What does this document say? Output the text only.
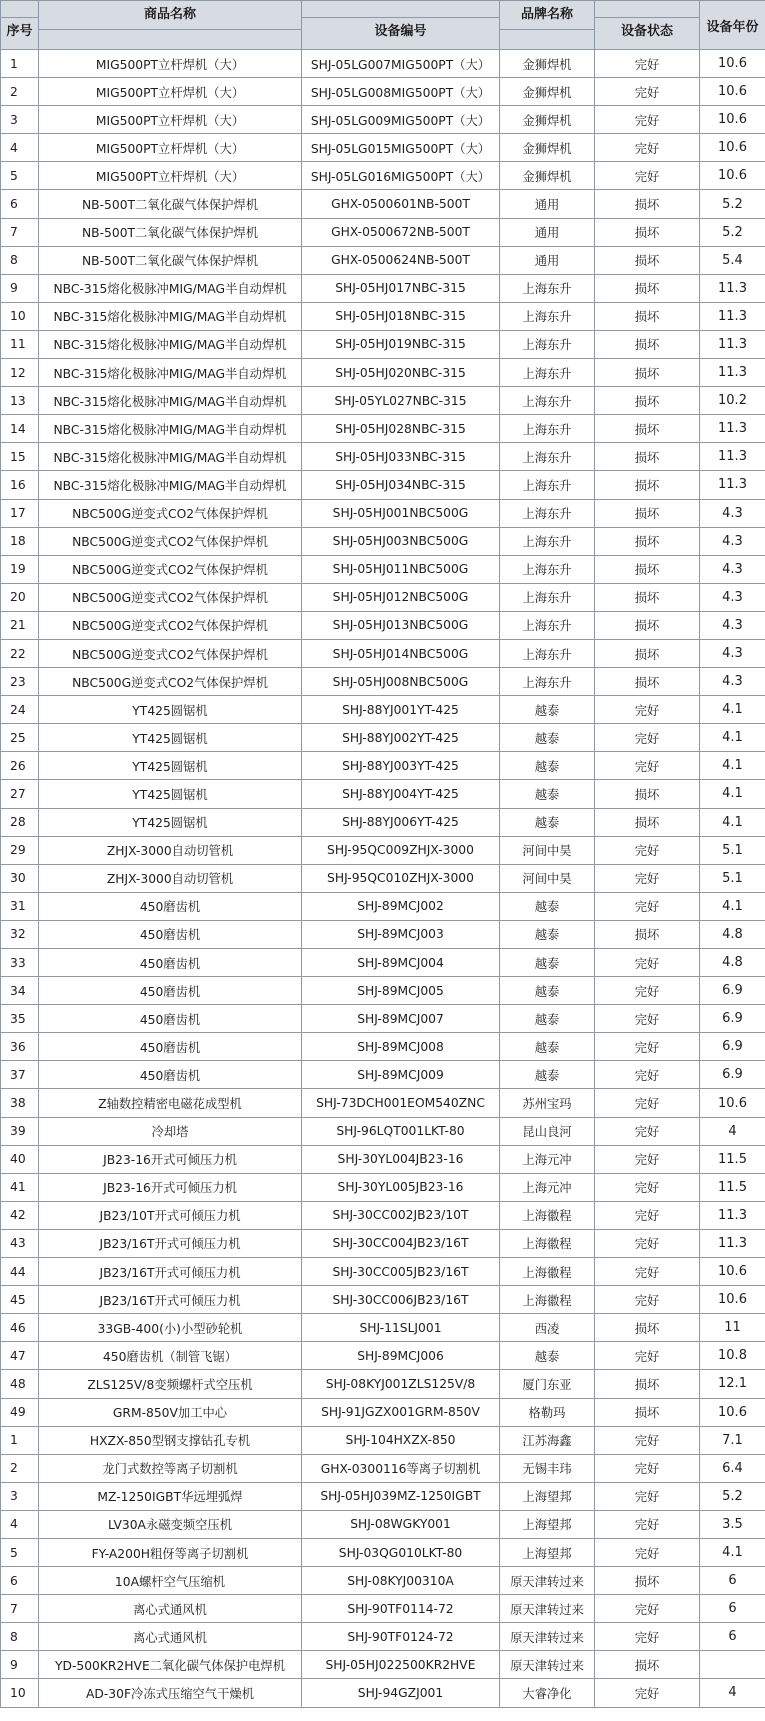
序号	商品名称	设备编号	品牌名称	设备状态	设备年份
1	MIG500PT立杆焊机（大）	SHJ-05LG007MIG500PT（大）	金狮焊机	完好	10.6
2	MIG500PT立杆焊机（大）	SHJ-05LG008MIG500PT（大）	金狮焊机	完好	10.6
3	MIG500PT立杆焊机（大）	SHJ-05LG009MIG500PT（大）	金狮焊机	完好	10.6
4	MIG500PT立杆焊机（大）	SHJ-05LG015MIG500PT（大）	金狮焊机	完好	10.6
5	MIG500PT立杆焊机（大）	SHJ-05LG016MIG500PT（大）	金狮焊机	完好	10.6
6	NB-500T二氧化碳气体保护焊机	GHX-0500601NB-500T	通用	损坏	5.2
7	NB-500T二氧化碳气体保护焊机	GHX-0500672NB-500T	通用	损坏	5.2
8	NB-500T二氧化碳气体保护焊机	GHX-0500624NB-500T	通用	损坏	5.4
9	NBC-315熔化极脉冲MIG/MAG半自动焊机	SHJ-05HJ017NBC-315	上海东升	损坏	11.3
10	NBC-315熔化极脉冲MIG/MAG半自动焊机	SHJ-05HJ018NBC-315	上海东升	损坏	11.3
11	NBC-315熔化极脉冲MIG/MAG半自动焊机	SHJ-05HJ019NBC-315	上海东升	损坏	11.3
12	NBC-315熔化极脉冲MIG/MAG半自动焊机	SHJ-05HJ020NBC-315	上海东升	损坏	11.3
13	NBC-315熔化极脉冲MIG/MAG半自动焊机	SHJ-05YL027NBC-315	上海东升	损坏	10.2
14	NBC-315熔化极脉冲MIG/MAG半自动焊机	SHJ-05HJ028NBC-315	上海东升	损坏	11.3
15	NBC-315熔化极脉冲MIG/MAG半自动焊机	SHJ-05HJ033NBC-315	上海东升	损坏	11.3
16	NBC-315熔化极脉冲MIG/MAG半自动焊机	SHJ-05HJ034NBC-315	上海东升	损坏	11.3
17	NBC500G逆变式CO2气体保护焊机	SHJ-05HJ001NBC500G	上海东升	损坏	4.3
18	NBC500G逆变式CO2气体保护焊机	SHJ-05HJ003NBC500G	上海东升	损坏	4.3
19	NBC500G逆变式CO2气体保护焊机	SHJ-05HJ011NBC500G	上海东升	损坏	4.3
20	NBC500G逆变式CO2气体保护焊机	SHJ-05HJ012NBC500G	上海东升	损坏	4.3
21	NBC500G逆变式CO2气体保护焊机	SHJ-05HJ013NBC500G	上海东升	损坏	4.3
22	NBC500G逆变式CO2气体保护焊机	SHJ-05HJ014NBC500G	上海东升	损坏	4.3
23	NBC500G逆变式CO2气体保护焊机	SHJ-05HJ008NBC500G	上海东升	损坏	4.3
24	YT425圆锯机	SHJ-88YJ001YT-425	越泰	完好	4.1
25	YT425圆锯机	SHJ-88YJ002YT-425	越泰	完好	4.1
26	YT425圆锯机	SHJ-88YJ003YT-425	越泰	完好	4.1
27	YT425圆锯机	SHJ-88YJ004YT-425	越泰	损坏	4.1
28	YT425圆锯机	SHJ-88YJ006YT-425	越泰	损坏	4.1
29	ZHJX-3000自动切管机	SHJ-95QC009ZHJX-3000	河间中昊	完好	5.1
30	ZHJX-3000自动切管机	SHJ-95QC010ZHJX-3000	河间中昊	完好	5.1
31	450磨齿机	SHJ-89MCJ002	越泰	完好	4.1
32	450磨齿机	SHJ-89MCJ003	越泰	损坏	4.8
33	450磨齿机	SHJ-89MCJ004	越泰	完好	4.8
34	450磨齿机	SHJ-89MCJ005	越泰	完好	6.9
35	450磨齿机	SHJ-89MCJ007	越泰	完好	6.9
36	450磨齿机	SHJ-89MCJ008	越泰	完好	6.9
37	450磨齿机	SHJ-89MCJ009	越泰	完好	6.9
38	Z轴数控精密电磁花成型机	SHJ-73DCH001EOM540ZNC	苏州宝玛	完好	10.6
39	冷却塔	SHJ-96LQT001LKT-80	昆山良河	完好	4
40	JB23-16开式可倾压力机	SHJ-30YL004JB23-16	上海元冲	完好	11.5
41	JB23-16开式可倾压力机	SHJ-30YL005JB23-16	上海元冲	完好	11.5
42	JB23/10T开式可倾压力机	SHJ-30CC002JB23/10T	上海徽程	完好	11.3
43	JB23/16T开式可倾压力机	SHJ-30CC004JB23/16T	上海徽程	完好	11.3
44	JB23/16T开式可倾压力机	SHJ-30CC005JB23/16T	上海徽程	完好	10.6
45	JB23/16T开式可倾压力机	SHJ-30CC006JB23/16T	上海徽程	完好	10.6
46	33GB-400(小)小型砂轮机	SHJ-11SLJ001	西凌	损坏	11
47	450磨齿机（制管飞锯）	SHJ-89MCJ006	越泰	完好	10.8
48	ZLS125V/8变频螺杆式空压机	SHJ-08KYJ001ZLS125V/8	厦门东亚	损坏	12.1
49	GRM-850V加工中心	SHJ-91JGZX001GRM-850V	格勒玛	损坏	10.6
1	HXZX-850型钢支撑钻孔专机	SHJ-104HXZX-850	江苏海鑫	完好	7.1
2	龙门式数控等离子切割机	GHX-0300116等离子切割机	无锡丰玮	完好	6.4
3	MZ-1250IGBT华远埋弧焊	SHJ-05HJ039MZ-1250IGBT	上海望邦	完好	5.2
4	LV30A永磁变频空压机	SHJ-08WGKY001	上海望邦	完好	3.5
5	FY-A200H粗伢等离子切割机	SHJ-03QG010LKT-80	上海望邦	完好	4.1
6	10A螺杆空气压缩机	SHJ-08KYJ00310A	原天津转过来	损坏	6
7	离心式通风机	SHJ-90TF0114-72	原天津转过来	完好	6
8	离心式通风机	SHJ-90TF0124-72	原天津转过来	完好	6
9	YD-500KR2HVE二氧化碳气体保护电焊机	SHJ-05HJ022500KR2HVE	原天津转过来	损坏	
10	AD-30F冷冻式压缩空气干燥机	SHJ-94GZJ001	大睿净化	完好	4
